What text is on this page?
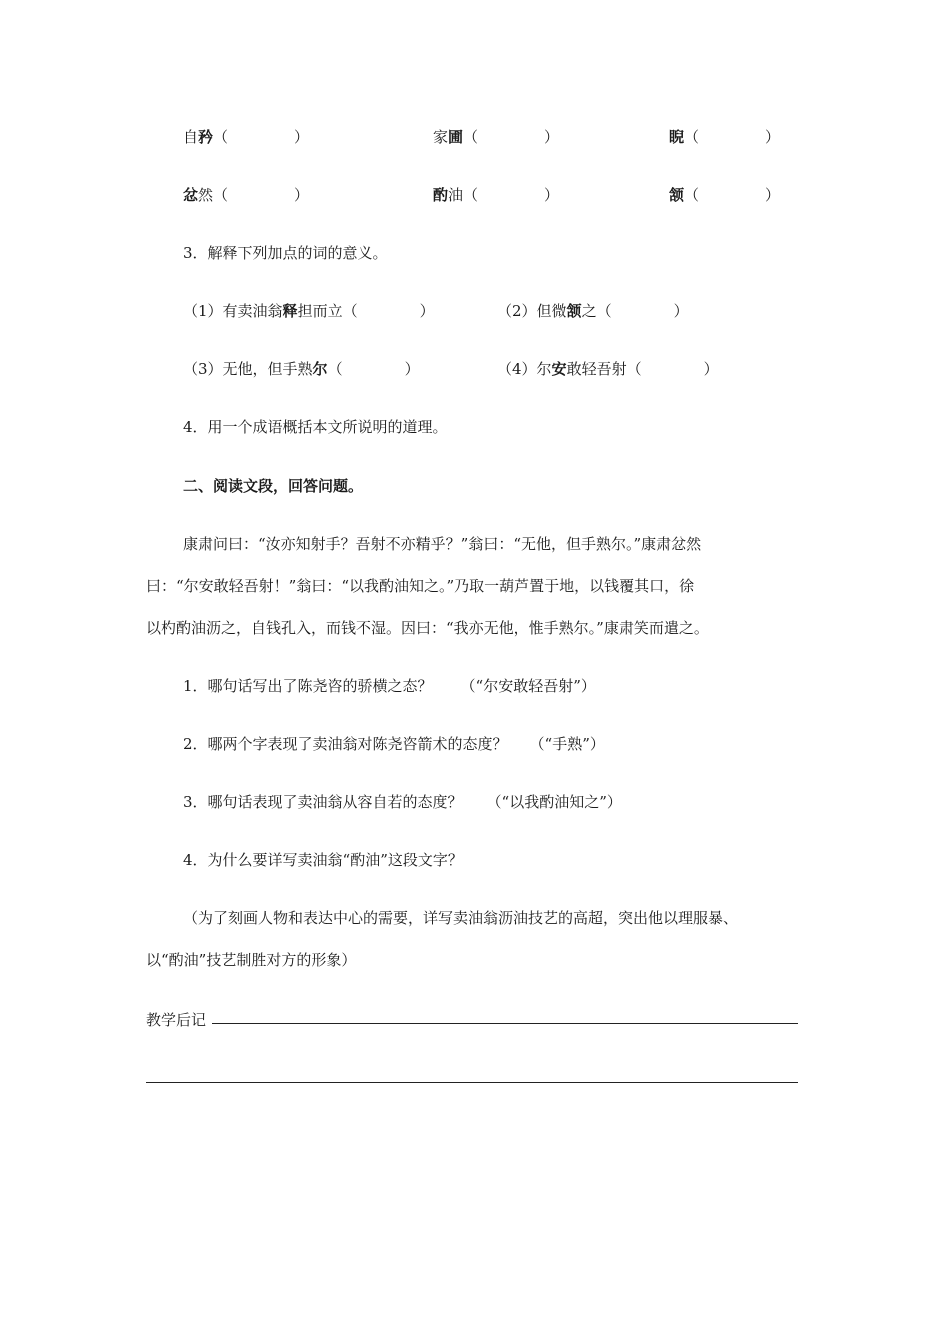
自矜（	）	家圃（	）	睨（	）
忿然（	）	酌油（	）	颔（	）
3．解释下列加点的词的意义。
（1）有卖油翁释担而立（	）	（2）但微颔之（	）
（3）无他，但手熟尔（	）	（4）尔安敢轻吾射（	）
4．用一个成语概括本文所说明的道理。
二、阅读文段，回答问题。
康肃问曰：“汝亦知射手？吾射不亦精乎？”翁曰：“无他，但手熟尔。”康肃忿然
曰：“尔安敢轻吾射！”翁曰：“以我酌油知之。”乃取一葫芦置于地，以钱覆其口，徐
以杓酌油沥之，自钱孔入，而钱不湿。因曰：“我亦无他，惟手熟尔。”康肃笑而遣之。
1．哪句话写出了陈尧咨的骄横之态？ （“尔安敢轻吾射”）
2．哪两个字表现了卖油翁对陈尧咨箭术的态度？ （“手熟”）
3．哪句话表现了卖油翁从容自若的态度？ （“以我酌油知之”）
4．为什么要详写卖油翁“酌油”这段文字？
（为了刻画人物和表达中心的需要，详写卖油翁沥油技艺的高超，突出他以理服暴、
以“酌油”技艺制胜对方的形象）
教学后记
